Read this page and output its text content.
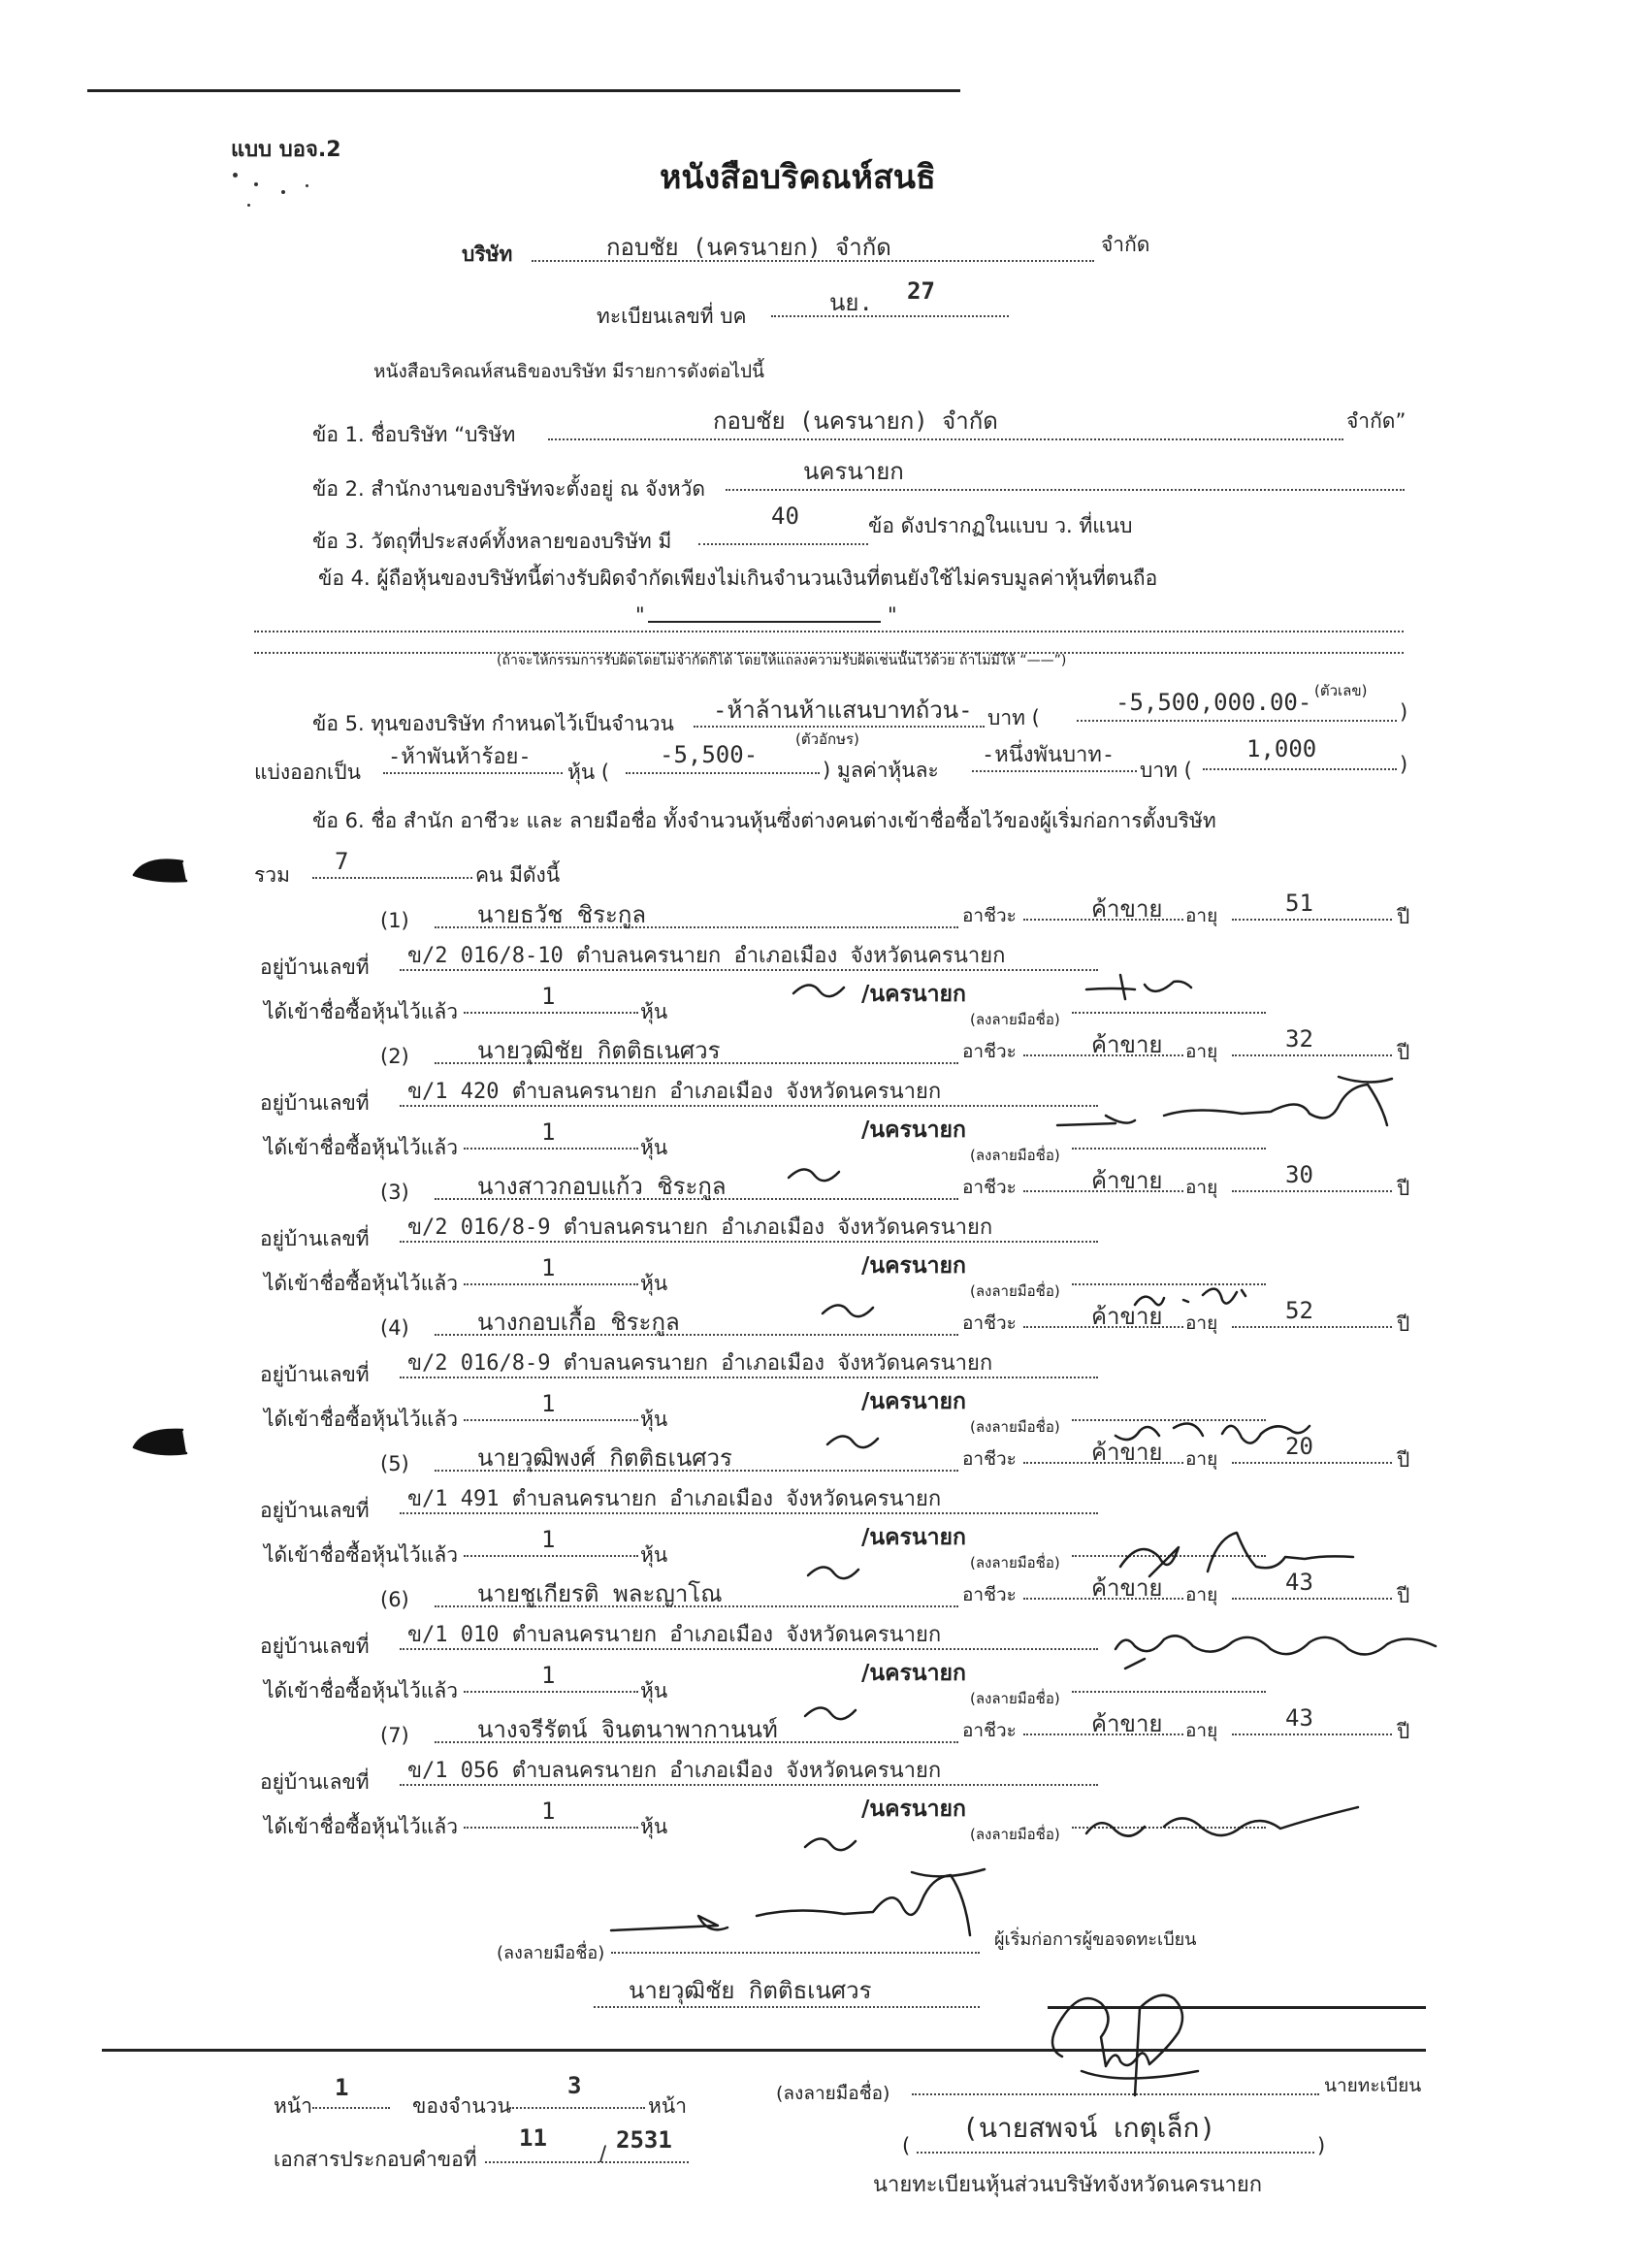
แบบ บอจ.2
หนังสือบริคณห์สนธิ
บริษัท	กอบชัย (นครนายก) จำกัด	จำกัด
ทะเบียนเลขที่ บค	นย. 27
หนังสือบริคณห์สนธิของบริษัท มีรายการดังต่อไปนี้
ข้อ 1. ชื่อบริษัท “บริษัท	กอบชัย (นครนายก) จำกัด	จำกัด”
ข้อ 2. สำนักงานของบริษัทจะตั้งอยู่ ณ จังหวัด
นครนายก
ข้อ 3. วัตถุที่ประสงค์ทั้งหลายของบริษัท มี
40	ข้อ ดังปรากฏในแบบ ว. ที่แนบ
ข้อ 4. ผู้ถือหุ้นของบริษัทนี้ต่างรับผิดจำกัดเพียงไม่เกินจำนวนเงินที่ตนยังใช้ไม่ครบมูลค่าหุ้นที่ตนถือ
"	"
(ถ้าจะให้กรรมการรับผิดโดยไม่จำกัดก็ได้ โดยให้แถลงความรับผิดเช่นนั้นไว้ด้วย ถ้าไม่มีให้ “——”)
ข้อ 5. ทุนของบริษัท กำหนดไว้เป็นจำนวน -ห้าล้านห้าแสนบาทถ้วน-
(ตัวอักษร)
บาท (
-5,500,000.00-	)
(ตัวเลข)
แบ่งออกเป็น
-ห้าพันห้าร้อย-
หุ้น (
-5,500-
) มูลค่าหุ้นละ
-หนึ่งพันบาท-
บาท (
1,000
)
ข้อ 6. ชื่อ สำนัก อาชีวะ และ ลายมือชื่อ ทั้งจำนวนหุ้นซึ่งต่างคนต่างเข้าชื่อซื้อไว้ของผู้เริ่มก่อการตั้งบริษัท
รวม 7	คน มีดังนี้
(1)	นายธวัช ชิระกูล	อาชีวะ	ค้าขาย อายุ	51	ปี
อยู่บ้านเลขที่ ข/2 016/8-10 ตำบลนครนายก อำเภอเมือง จังหวัดนครนายก
ได้เข้าชื่อซื้อหุ้นไว้แล้ว
1
หุ้น
/นครนายก
(ลงลายมือชื่อ)
(2)	นายวุฒิชัย กิตติธเนศวร	อาชีวะ	ค้าขาย อายุ	32	ปี
อยู่บ้านเลขที่ ข/1 420 ตำบลนครนายก อำเภอเมือง จังหวัดนครนายก
ได้เข้าชื่อซื้อหุ้นไว้แล้ว
1
หุ้น
/นครนายก
(ลงลายมือชื่อ)
(3)	นางสาวกอบแก้ว ชิระกูล	อาชีวะ	ค้าขาย อายุ	30	ปี
อยู่บ้านเลขที่ ข/2 016/8-9 ตำบลนครนายก อำเภอเมือง จังหวัดนครนายก
ได้เข้าชื่อซื้อหุ้นไว้แล้ว
1
หุ้น
/นครนายก
(ลงลายมือชื่อ)
(4)	นางกอบเกื้อ ชิระกูล	อาชีวะ	ค้าขาย อายุ	52	ปี
อยู่บ้านเลขที่ ข/2 016/8-9 ตำบลนครนายก อำเภอเมือง จังหวัดนครนายก
ได้เข้าชื่อซื้อหุ้นไว้แล้ว
1
หุ้น
/นครนายก
(ลงลายมือชื่อ)
(5)	นายวุฒิพงศ์ กิตติธเนศวร	อาชีวะ	ค้าขาย อายุ	20	ปี
อยู่บ้านเลขที่ ข/1 491 ตำบลนครนายก อำเภอเมือง จังหวัดนครนายก
ได้เข้าชื่อซื้อหุ้นไว้แล้ว
1
หุ้น
/นครนายก
(ลงลายมือชื่อ)
(6)	นายชูเกียรติ พละญาโณ	อาชีวะ	ค้าขาย อายุ	43	ปี
อยู่บ้านเลขที่ ข/1 010 ตำบลนครนายก อำเภอเมือง จังหวัดนครนายก
ได้เข้าชื่อซื้อหุ้นไว้แล้ว
1
หุ้น
/นครนายก
(ลงลายมือชื่อ)
(7)	นางจรีรัตน์ จินตนาพากานนท์	อาชีวะ	ค้าขาย อายุ	43	ปี
อยู่บ้านเลขที่ ข/1 056 ตำบลนครนายก อำเภอเมือง จังหวัดนครนายก
ได้เข้าชื่อซื้อหุ้นไว้แล้ว
1
หุ้น
/นครนายก
(ลงลายมือชื่อ)
(ลงลายมือชื่อ)
ผู้เริ่มก่อการผู้ขอจดทะเบียน
นายวุฒิชัย กิตติธเนศวร
หน้า
1
ของจำนวน
3
หน้า
เอกสารประกอบคำขอที่
11
/ 2531
(ลงลายมือชื่อ)	นายทะเบียน
(
(นายสพจน์ เกตุเล็ก)
)
นายทะเบียนหุ้นส่วนบริษัทจังหวัดนครนายก
